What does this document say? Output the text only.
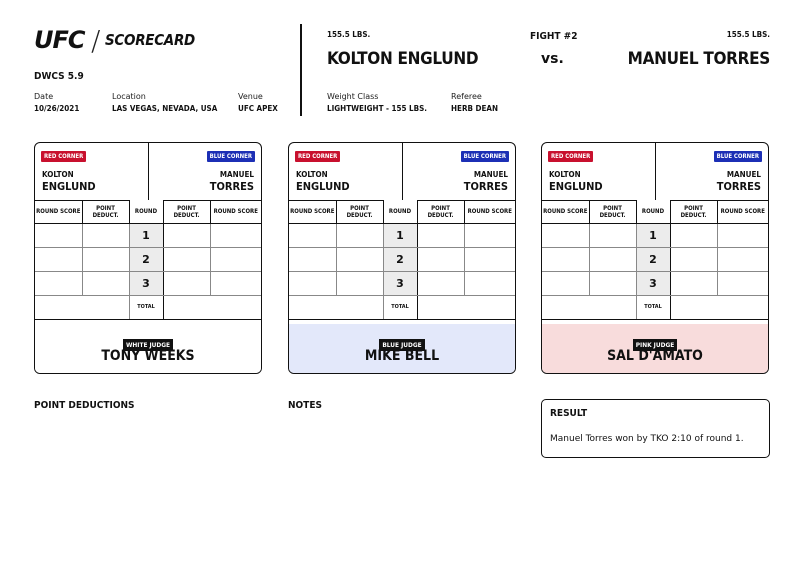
UFC / SCORECARD
DWCS 5.9
Date
10/26/2021
Location
LAS VEGAS, NEVADA, USA
Venue
UFC APEX
155.5 LBS.
KOLTON ENGLUND
FIGHT #2
vs.
155.5 LBS.
MANUEL TORRES
Weight Class
LIGHTWEIGHT - 155 LBS.
Referee
HERB DEAN
RED CORNER	BLUE CORNER
KOLTON
ENGLUND
MANUEL
TORRES
ROUND SCORE	POINT DEDUCT.	ROUND	POINT DEDUCT.	ROUND SCORE
		1		
		2		
		3		
		TOTAL		
WHITE JUDGE
TONY WEEKS
RED CORNER	BLUE CORNER
KOLTON
ENGLUND
MANUEL
TORRES
ROUND SCORE	POINT DEDUCT.	ROUND	POINT DEDUCT.	ROUND SCORE
		1		
		2		
		3		
		TOTAL		
BLUE JUDGE
MIKE BELL
RED CORNER	BLUE CORNER
KOLTON
ENGLUND
MANUEL
TORRES
ROUND SCORE	POINT DEDUCT.	ROUND	POINT DEDUCT.	ROUND SCORE
		1		
		2		
		3		
		TOTAL		
PINK JUDGE
SAL D'AMATO
POINT DEDUCTIONS	NOTES
RESULT
Manuel Torres won by TKO 2:10 of round 1.
